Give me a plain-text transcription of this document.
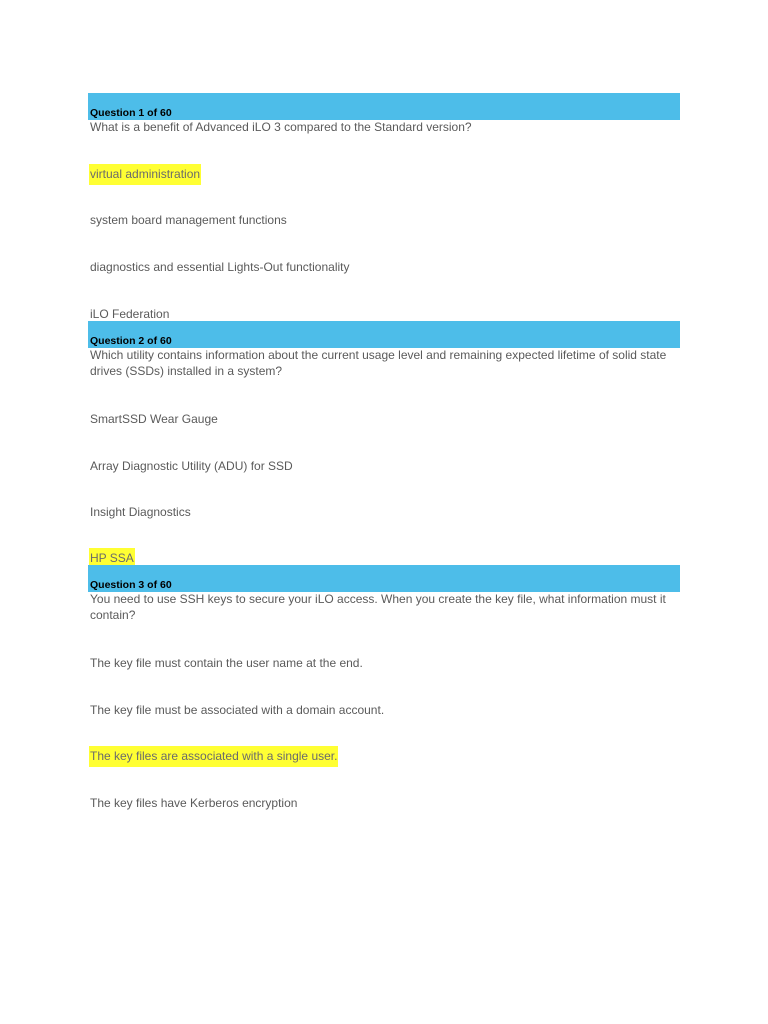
Question 1 of 60
What is a benefit of Advanced iLO 3 compared to the Standard version?
virtual administration
system board management functions
diagnostics and essential Lights-Out functionality
iLO Federation
Question 2 of 60
Which utility contains information about the current usage level and remaining expected lifetime of solid state drives (SSDs) installed in a system?
SmartSSD Wear Gauge
Array Diagnostic Utility (ADU) for SSD
Insight Diagnostics
HP SSA
Question 3 of 60
You need to use SSH keys to secure your iLO access. When you create the key file, what information must it contain?
The key file must contain the user name at the end.
The key file must be associated with a domain account.
The key files are associated with a single user.
The key files have Kerberos encryption
